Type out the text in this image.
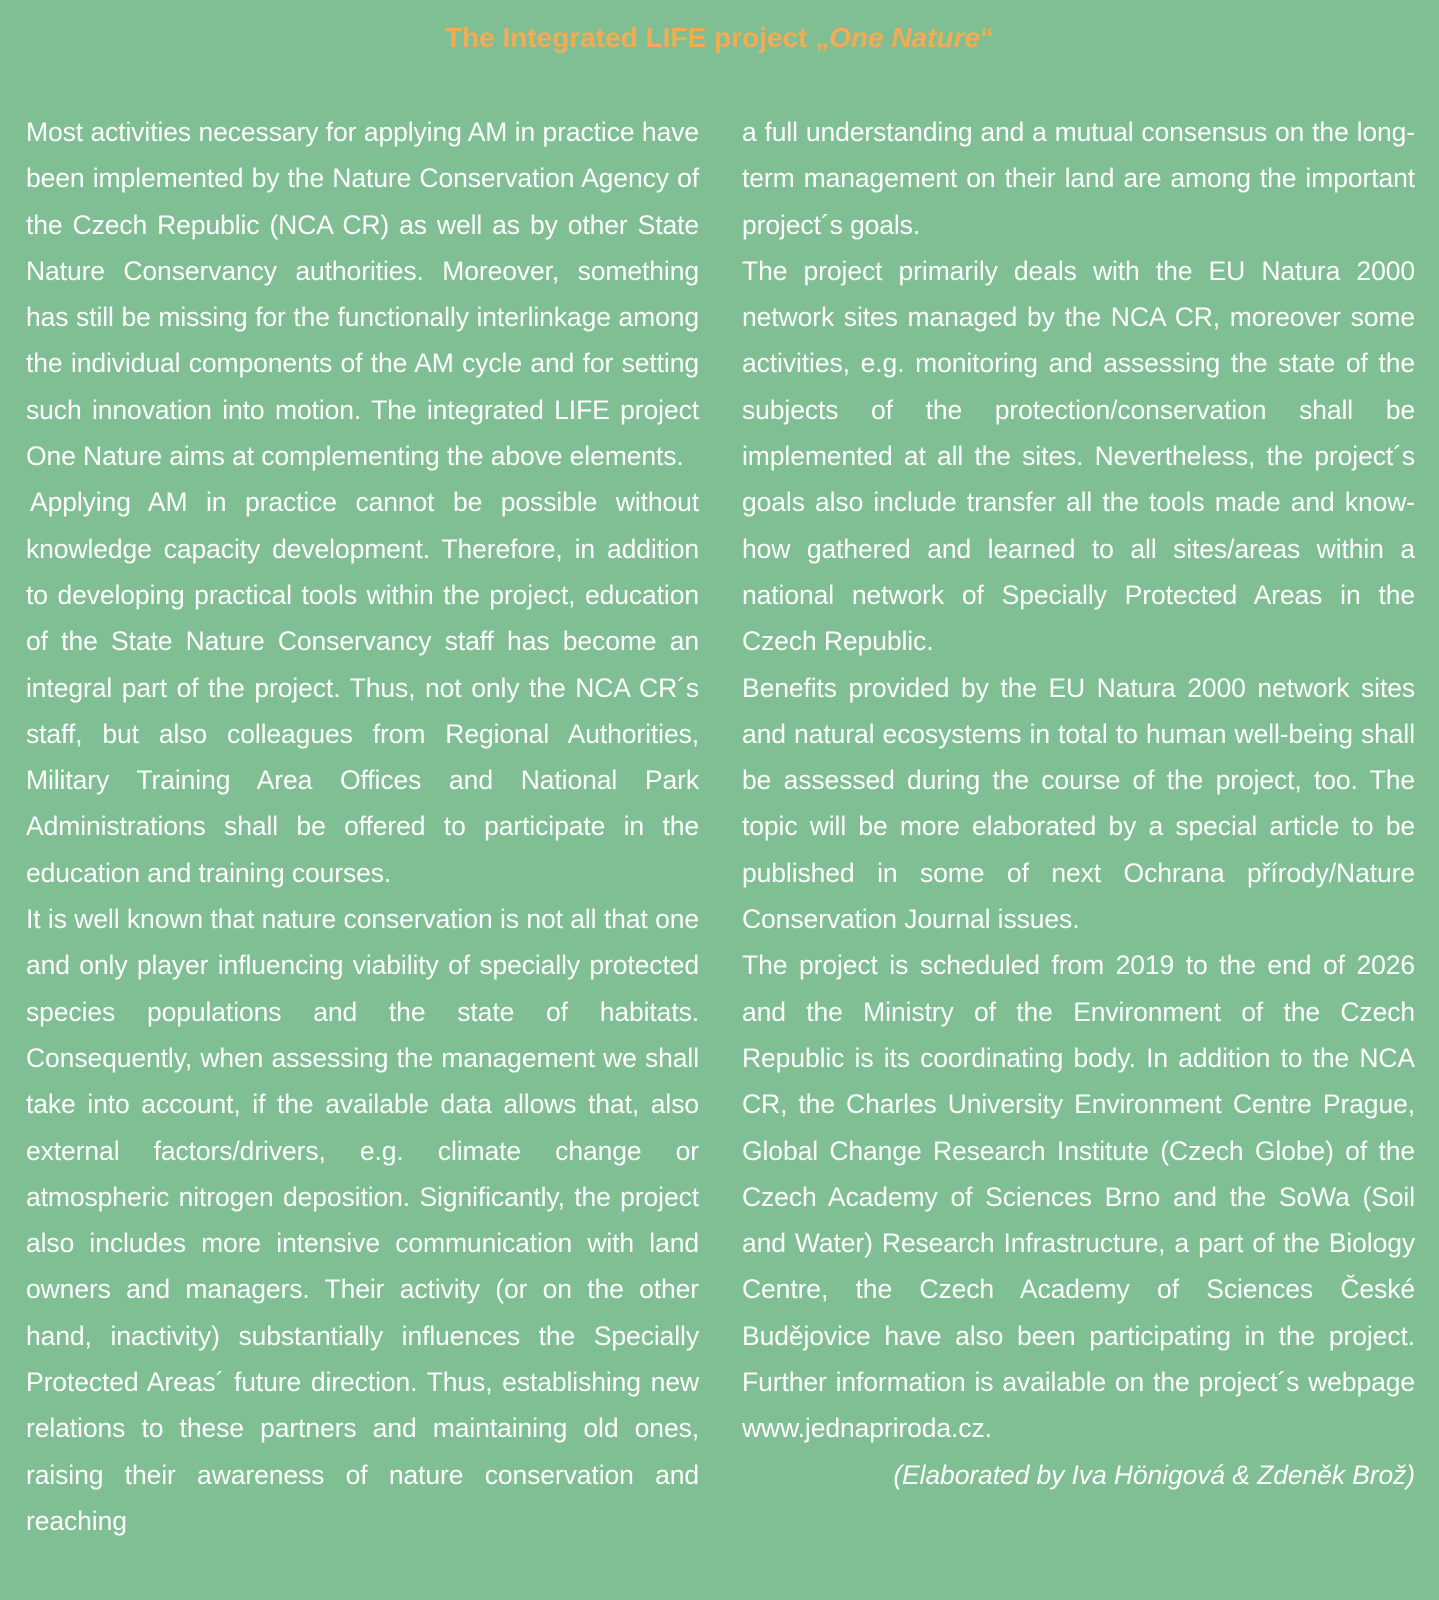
The Integrated LIFE project „One Nature“

Most activities necessary for applying AM in practice have been implemented by the Nature Conservation Agency of the Czech Republic (NCA CR) as well as by other State Nature Conservancy authorities. Moreover, something has still be missing for the functionally interlinkage among the individual components of the AM cycle and for setting such innovation into motion. The integrated LIFE project One Nature aims at complementing the above elements.

Applying AM in practice cannot be possible without knowledge capacity development. Therefore, in addition to developing practical tools within the project, education of the State Nature Conservancy staff has become an integral part of the project. Thus, not only the NCA CR´s staff, but also colleagues from Regional Authorities, Military Training Area Offices and National Park Administrations shall be offered to participate in the education and training courses.

It is well known that nature conservation is not all that one and only player influencing viability of specially protected species populations and the state of habitats. Consequently, when assessing the management we shall take into account, if the available data allows that, also external factors/drivers, e.g. climate change or atmospheric nitrogen deposition. Significantly, the project also includes more intensive communication with land owners and managers. Their activity (or on the other hand, inactivity) substantially influences the Specially Protected Areas´ future direction. Thus, establishing new relations to these partners and maintaining old ones, raising their awareness of nature conservation and reaching

a full understanding and a mutual consensus on the long-term management on their land are among the important project´s goals.

The project primarily deals with the EU Natura 2000 network sites managed by the NCA CR, moreover some activities, e.g. monitoring and assessing the state of the subjects of the protection/conservation shall be implemented at all the sites. Nevertheless, the project´s goals also include transfer all the tools made and know-how gathered and learned to all sites/areas within a national network of Specially Protected Areas in the Czech Republic.

Benefits provided by the EU Natura 2000 network sites and natural ecosystems in total to human well-being shall be assessed during the course of the project, too. The topic will be more elaborated by a special article to be published in some of next Ochrana přírody/Nature Conservation Journal issues.

The project is scheduled from 2019 to the end of 2026 and the Ministry of the Environment of the Czech Republic is its coordinating body. In addition to the NCA CR, the Charles University Environment Centre Prague, Global Change Research Institute (Czech Globe) of the Czech Academy of Sciences Brno and the SoWa (Soil and Water) Research Infrastructure, a part of the Biology Centre, the Czech Academy of Sciences České Budějovice have also been participating in the project. Further information is available on the project´s webpage www.jednapriroda.cz.

(Elaborated by Iva Hönigová & Zdeněk Brož)
